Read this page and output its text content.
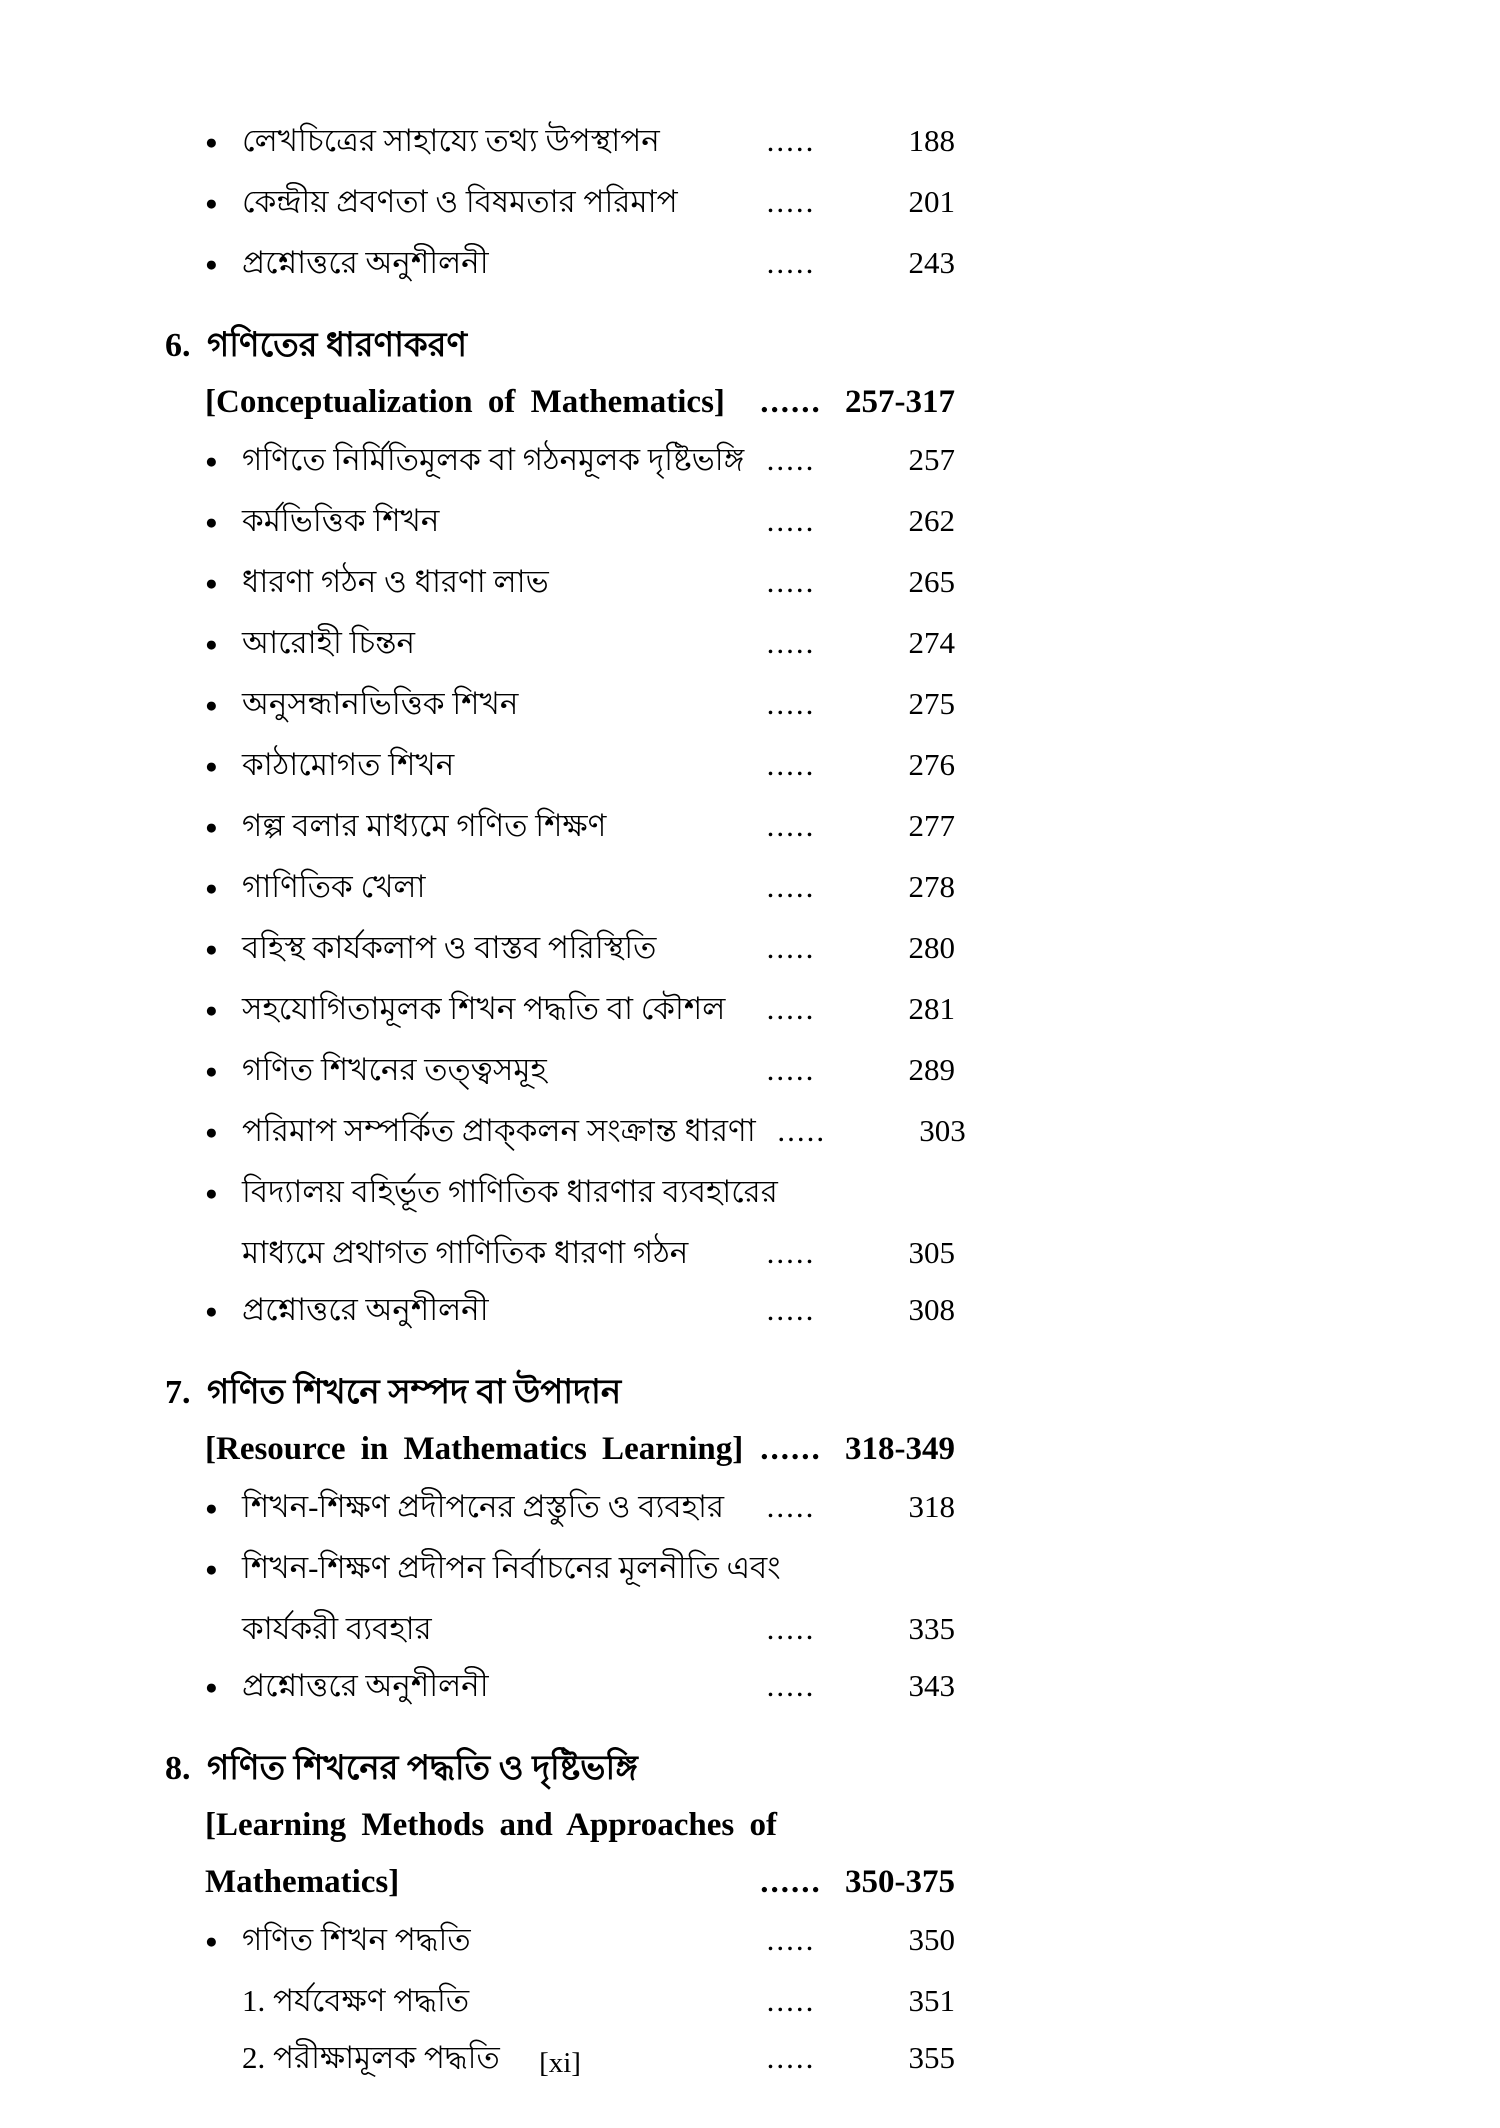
● লেখচিত্রের সাহায্যে তথ্য উপস্থাপন	.....	188
● কেন্দ্রীয় প্রবণতা ও বিষমতার পরিমাপ	.....	201
● প্রশ্নোত্তরে অনুশীলনী	.....	243
6. গণিতের ধারণাকরণ
[Conceptualization of Mathematics]	...... 257-317
● গণিতে নির্মিতিমূলক বা গঠনমূলক দৃষ্টিভঙ্গি .....	257
● কর্মভিত্তিক শিখন	.....	262
● ধারণা গঠন ও ধারণা লাভ	.....	265
● আরোহী চিন্তন	.....	274
● অনুসন্ধানভিত্তিক শিখন	.....	275
● কাঠামোগত শিখন	.....	276
● গল্প বলার মাধ্যমে গণিত শিক্ষণ	.....	277
● গাণিতিক খেলা	.....	278
● বহিস্থ কার্যকলাপ ও বাস্তব পরিস্থিতি	.....	280
● সহযোগিতামূলক শিখন পদ্ধতি বা কৌশল	.....	281
● গণিত শিখনের তত্ত্বসমূহ	.....	289
● পরিমাপ সম্পর্কিত প্রাক্‌কলন সংক্রান্ত ধারণা .....	303
● বিদ্যালয় বহির্ভূত গাণিতিক ধারণার ব্যবহারের
মাধ্যমে প্রথাগত গাণিতিক ধারণা গঠন	.....	305
● প্রশ্নোত্তরে অনুশীলনী	.....	308
7. গণিত শিখনে সম্পদ বা উপাদান
[Resource in Mathematics Learning] ...... 318-349
● শিখন-শিক্ষণ প্রদীপনের প্রস্তুতি ও ব্যবহার	.....	318
● শিখন-শিক্ষণ প্রদীপন নির্বাচনের মূলনীতি এবং
কার্যকরী ব্যবহার	.....	335
● প্রশ্নোত্তরে অনুশীলনী	.....	343
8. গণিত শিখনের পদ্ধতি ও দৃষ্টিভঙ্গি
[Learning Methods and Approaches of
Mathematics]	...... 350-375
● গণিত শিখন পদ্ধতি	.....	350
1. পর্যবেক্ষণ পদ্ধতি	.....	351
2. পরীক্ষামূলক পদ্ধতি	.....	355
[xi]
